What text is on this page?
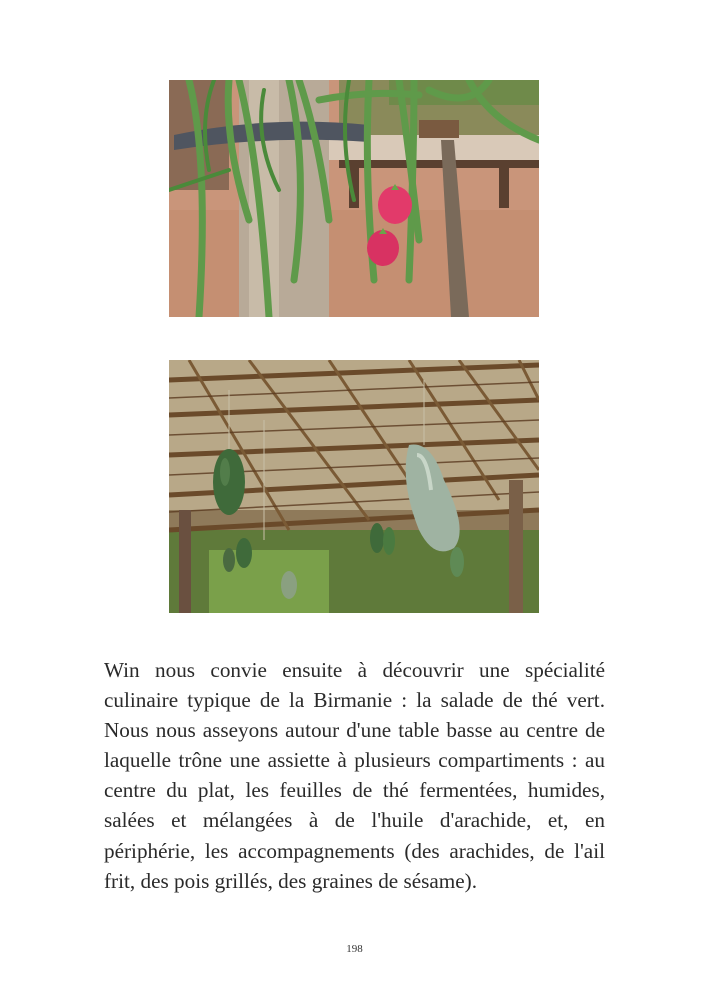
Win nous convie ensuite à découvrir une spécialité culinaire typique de la Birmanie : la salade de thé vert. Nous nous asseyons autour d'une table basse au centre de laquelle trône une assiette à plusieurs compartiments : au centre du plat, les feuilles de thé fermentées, humides, salées et mélangées à de l'huile d'arachide, et, en périphérie, les accompagnements (des arachides, de l'ail frit, des pois grillés, des graines de sésame).

198
